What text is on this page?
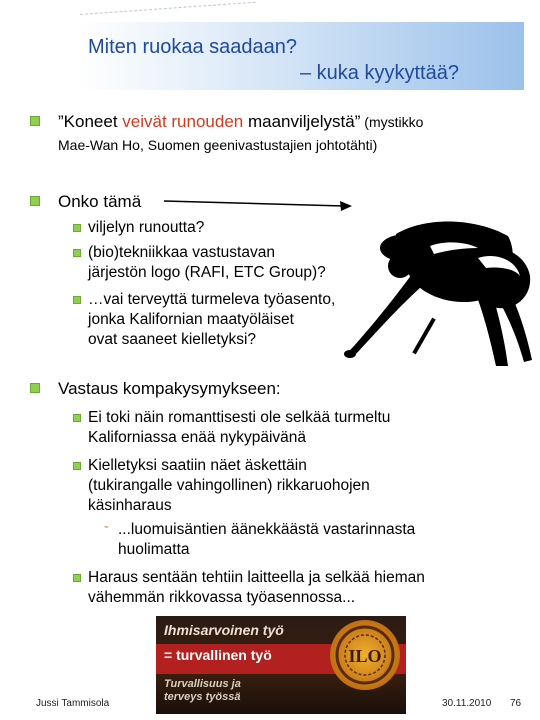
Miten ruokaa saadaan?
– kuka kyykyttää?
”Koneet veivät runouden maanviljelystä” (mystikko
Mae-Wan Ho, Suomen geenivastustajien johtotähti)
Onko tämä
viljelyn runoutta?
(bio)tekniikkaa vastustavan
järjestön logo (RAFI, ETC Group)?
…vai terveyttä turmeleva työasento,
jonka Kalifornian maatyöläiset
ovat saaneet kielletyksi?
Vastaus kompakysymykseen:
Ei toki näin romanttisesti ole selkää turmeltu
Kaliforniassa enää nykypäivänä
Kielletyksi saatiin näet äskettäin
(tukirangalle vahingollinen) rikkaruohojen
käsinharaus
- ...luomuisäntien äänekkäästä vastarinnasta
huolimatta
Haraus sentään tehtiin laitteella ja selkää hieman
vähemmän rikkovassa työasennossa...
Ihmisarvoinen työ
= turvallinen työ
Turvallisuus ja
terveys työssä
ILO
Jussi Tammisola	30.11.2010 76
